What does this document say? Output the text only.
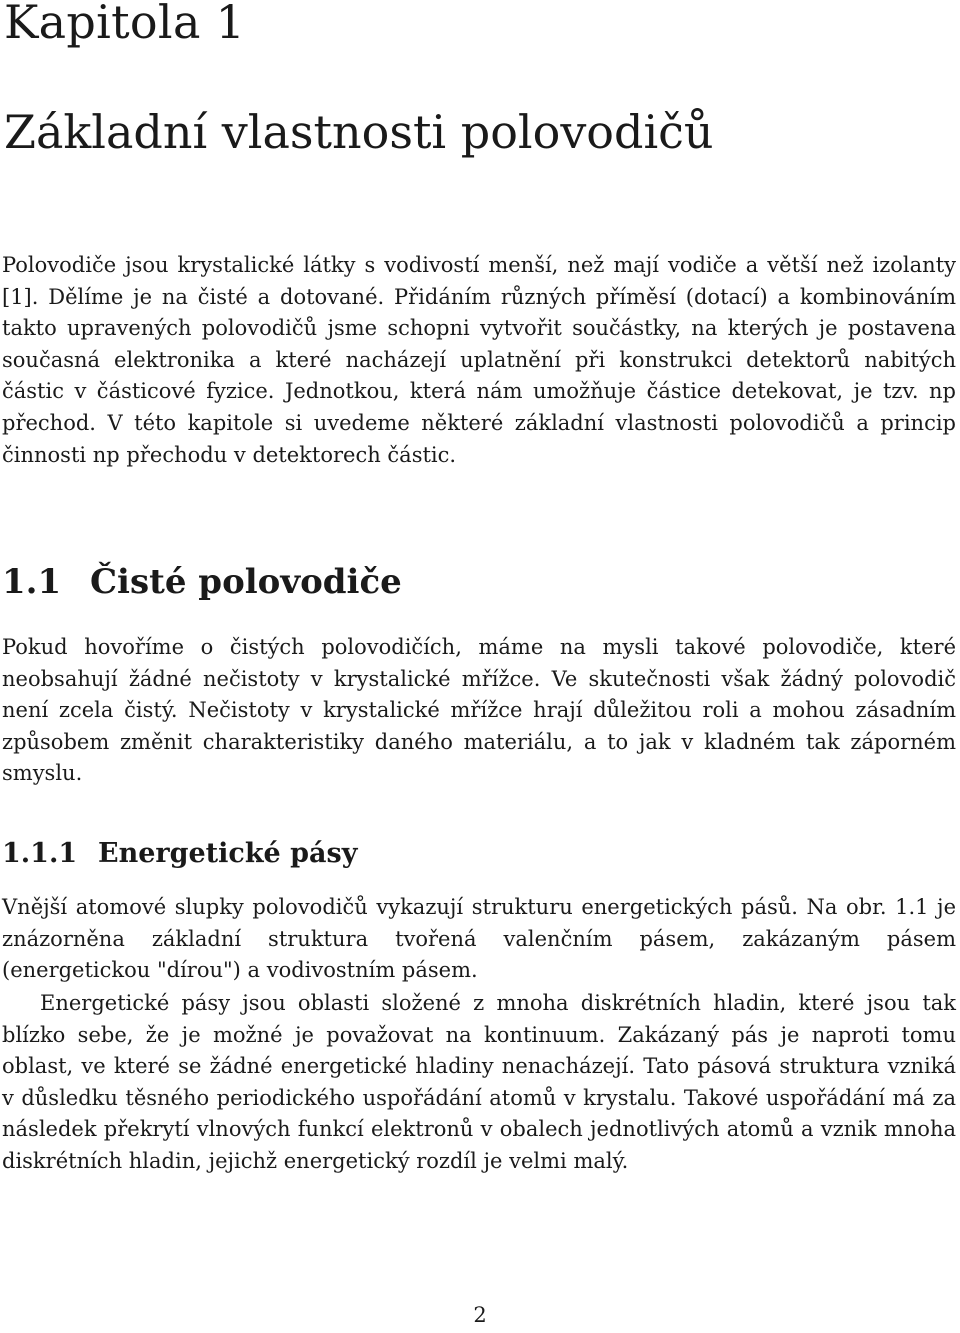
Kapitola 1
Základní vlastnosti polovodičů

Polovodiče jsou krystalické látky s vodivostí menší, než mají vodiče a větší než izolanty [1]. Dělíme je na čisté a dotované. Přidáním různých příměsí (dotací) a kombinováním takto upravených polovodičů jsme schopni vytvořit součástky, na kterých je postavena současná elektronika a které nacházejí uplatnění při konstrukci detektorů nabitých částic v částicové fyzice. Jednotkou, která nám umožňuje částice detekovat, je tzv. np přechod. V této kapitole si uvedeme některé základní vlastnosti polovodičů a princip činnosti np přechodu v detektorech částic.

1.1 Čisté polovodiče

Pokud hovoříme o čistých polovodičích, máme na mysli takové polovodiče, které neobsahují žádné nečistoty v krystalické mřížce. Ve skutečnosti však žádný polovodič není zcela čistý. Nečistoty v krystalické mřížce hrají důležitou roli a mohou zásadním způsobem změnit charakteristiky daného materiálu, a to jak v kladném tak záporném smyslu.

1.1.1 Energetické pásy

Vnější atomové slupky polovodičů vykazují strukturu energetických pásů. Na obr. 1.1 je znázorněna základní struktura tvořená valenčním pásem, zakázaným pásem (energetickou "dírou") a vodivostním pásem.

Energetické pásy jsou oblasti složené z mnoha diskrétních hladin, které jsou tak blízko sebe, že je možné je považovat na kontinuum. Zakázaný pás je naproti tomu oblast, ve které se žádné energetické hladiny nenacházejí. Tato pásová struktura vzniká v důsledku těsného periodického uspořádání atomů v krystalu. Takové uspořádání má za následek překrytí vlnových funkcí elektronů v obalech jednotlivých atomů a vznik mnoha diskrétních hladin, jejichž energetický rozdíl je velmi malý.

2
